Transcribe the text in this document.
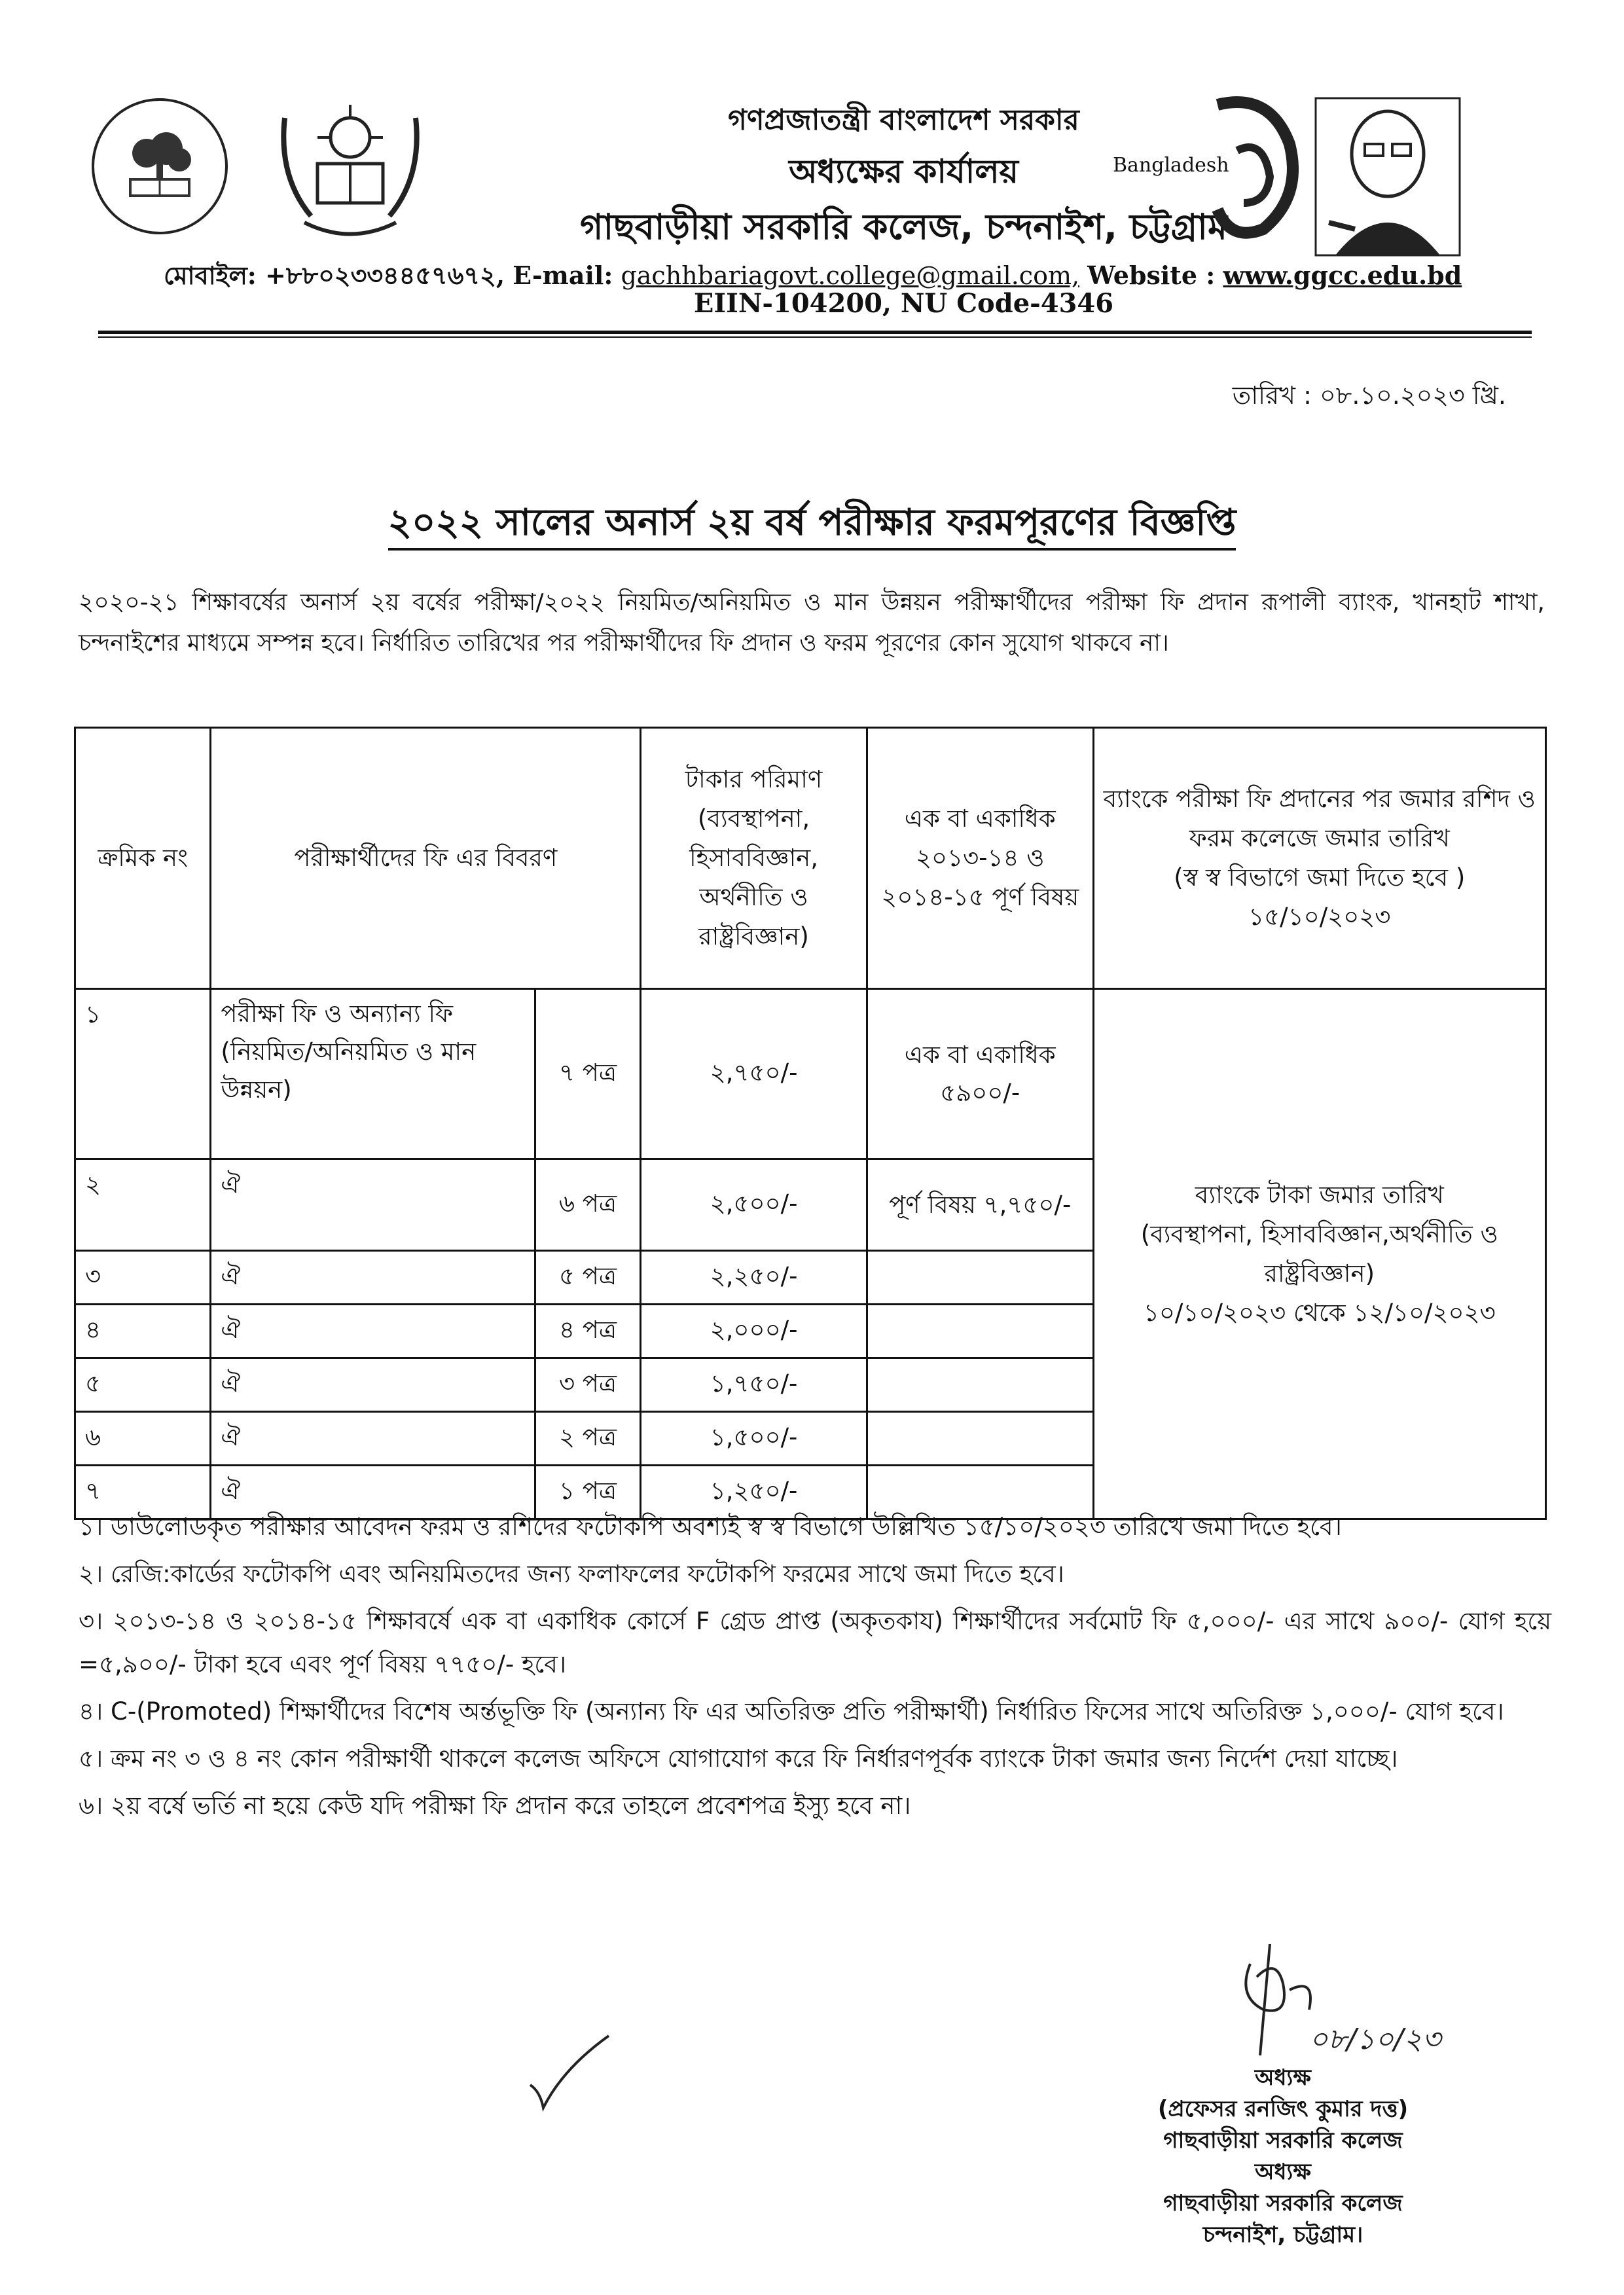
গণপ্রজাতন্ত্রী বাংলাদেশ সরকার
অধ্যক্ষের কার্যালয়
গাছবাড়ীয়া সরকারি কলেজ, চন্দনাইশ, চট্টগ্রাম
মোবাইল: +৮৮০২৩৩৪৪৫৭৬৭২, E-mail: gachhbariagovt.college@gmail.com, Website : www.ggcc.edu.bd
EIIN-104200, NU Code-4346
Bangladesh
তারিখ : ০৮.১০.২০২৩ খ্রি.
২০২২ সালের অনার্স ২য় বর্ষ পরীক্ষার ফরমপূরণের বিজ্ঞপ্তি
২০২০-২১ শিক্ষাবর্ষের অনার্স ২য় বর্ষের পরীক্ষা/২০২২ নিয়মিত/অনিয়মিত ও মান উন্নয়ন পরীক্ষার্থীদের পরীক্ষা ফি প্রদান রূপালী ব্যাংক, খানহাট শাখা, চন্দনাইশের মাধ্যমে সম্পন্ন হবে। নির্ধারিত তারিখের পর পরীক্ষার্থীদের ফি প্রদান ও ফরম পূরণের কোন সুযোগ থাকবে না।
ক্রমিক নং	পরীক্ষার্থীদের ফি এর বিবরণ		টাকার পরিমাণ (ব্যবস্থাপনা, হিসাববিজ্ঞান, অর্থনীতি ও রাষ্ট্রবিজ্ঞান)	এক বা একাধিক ২০১৩-১৪ ও ২০১৪-১৫ পূর্ণ বিষয়	ব্যাংকে পরীক্ষা ফি প্রদানের পর জমার রশিদ ও ফরম কলেজে জমার তারিখ
(স্ব স্ব বিভাগে জমা দিতে হবে )
১৫/১০/২০২৩

১	পরীক্ষা ফি ও অন্যান্য ফি (নিয়মিত/অনিয়মিত ও মান উন্নয়ন)	৭ পত্র	২,৭৫০/-	এক বা একাধিক ৫৯০০/-	ব্যাংকে টাকা জমার তারিখ
(ব্যবস্থাপনা, হিসাববিজ্ঞান,অর্থনীতি ও রাষ্ট্রবিজ্ঞান)
১০/১০/২০২৩ থেকে ১২/১০/২০২৩

২	ঐ	৬ পত্র	২,৫০০/-	পূর্ণ বিষয় ৭,৭৫০/-	
৩	ঐ	৫ পত্র	২,২৫০/-		
৪	ঐ	৪ পত্র	২,০০০/-		
৫	ঐ	৩ পত্র	১,৭৫০/-		
৬	ঐ	২ পত্র	১,৫০০/-		
৭	ঐ	১ পত্র	১,২৫০/-		

১। ডাউলোডকৃত পরীক্ষার আবেদন ফরম ও রশিদের ফটোকপি অবশ্যই স্ব স্ব বিভাগে উল্লিখিত ১৫/১০/২০২৩ তারিখে জমা দিতে হবে।

২। রেজি:কার্ডের ফটোকপি এবং অনিয়মিতদের জন্য ফলাফলের ফটোকপি ফরমের সাথে জমা দিতে হবে।

৩। ২০১৩-১৪ ও ২০১৪-১৫ শিক্ষাবর্ষে এক বা একাধিক কোর্সে F গ্রেড প্রাপ্ত (অকৃতকায) শিক্ষার্থীদের সর্বমোট ফি ৫,০০০/- এর সাথে ৯০০/- যোগ হয়ে =৫,৯০০/- টাকা হবে এবং পূর্ণ বিষয় ৭৭৫০/- হবে।

৪। C-(Promoted) শিক্ষার্থীদের বিশেষ অর্ন্তভূক্তি ফি (অন্যান্য ফি এর অতিরিক্ত প্রতি পরীক্ষার্থী) নির্ধারিত ফিসের সাথে অতিরিক্ত ১,০০০/- যোগ হবে।

৫। ক্রম নং ৩ ও ৪ নং কোন পরীক্ষার্থী থাকলে কলেজ অফিসে যোগাযোগ করে ফি নির্ধারণপূর্বক ব্যাংকে টাকা জমার জন্য নির্দেশ দেয়া যাচ্ছে।

৬। ২য় বর্ষে ভর্তি না হয়ে কেউ যদি পরীক্ষা ফি প্রদান করে তাহলে প্রবেশপত্র ইস্যু হবে না।

০৮/১০/২৩
অধ্যক্ষ
(প্রফেসর রনজিৎ কুমার দত্ত)
গাছবাড়ীয়া সরকারি কলেজ
অধ্যক্ষ
গাছবাড়ীয়া সরকারি কলেজ
চন্দনাইশ, চট্টগ্রাম।
